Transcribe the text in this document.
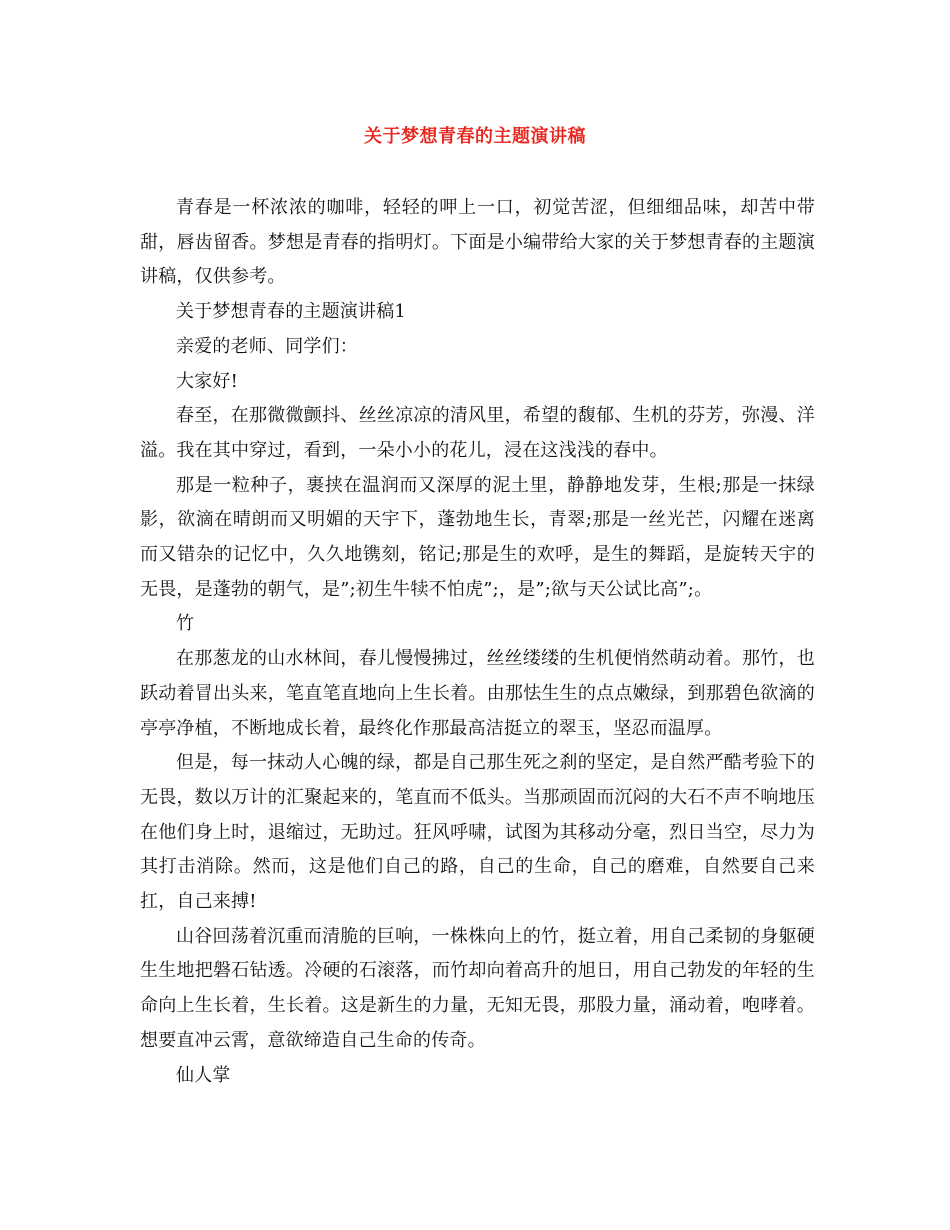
关于梦想青春的主题演讲稿

青春是一杯浓浓的咖啡，轻轻的呷上一口，初觉苦涩，但细细品味，却苦中带甜，唇齿留香。梦想是青春的指明灯。下面是小编带给大家的关于梦想青春的主题演讲稿，仅供参考。

关于梦想青春的主题演讲稿1

亲爱的老师、同学们：

大家好!

春至，在那微微颤抖、丝丝凉凉的清风里，希望的馥郁、生机的芬芳，弥漫、洋溢。我在其中穿过，看到，一朵小小的花儿，浸在这浅浅的春中。

那是一粒种子，裹挟在温润而又深厚的泥土里，静静地发芽，生根;那是一抹绿影，欲滴在晴朗而又明媚的天宇下，蓬勃地生长，青翠;那是一丝光芒，闪耀在迷离而又错杂的记忆中，久久地镌刻，铭记;那是生的欢呼，是生的舞蹈，是旋转天宇的无畏，是蓬勃的朝气，是”;初生牛犊不怕虎”;，是”;欲与天公试比高”;。

竹

在那葱龙的山水林间，春儿慢慢拂过，丝丝缕缕的生机便悄然萌动着。那竹，也跃动着冒出头来，笔直笔直地向上生长着。由那怯生生的点点嫩绿，到那碧色欲滴的亭亭净植，不断地成长着，最终化作那最高洁挺立的翠玉，坚忍而温厚。

但是，每一抹动人心魄的绿，都是自己那生死之刹的坚定，是自然严酷考验下的无畏，数以万计的汇聚起来的，笔直而不低头。当那顽固而沉闷的大石不声不响地压在他们身上时，退缩过，无助过。狂风呼啸，试图为其移动分毫，烈日当空，尽力为其打击消除。然而，这是他们自己的路，自己的生命，自己的磨难，自然要自己来扛，自己来搏!

山谷回荡着沉重而清脆的巨响，一株株向上的竹，挺立着，用自己柔韧的身躯硬生生地把磐石钻透。冷硬的石滚落，而竹却向着高升的旭日，用自己勃发的年轻的生命向上生长着，生长着。这是新生的力量，无知无畏，那股力量，涌动着，咆哮着。想要直冲云霄，意欲缔造自己生命的传奇。

仙人掌
